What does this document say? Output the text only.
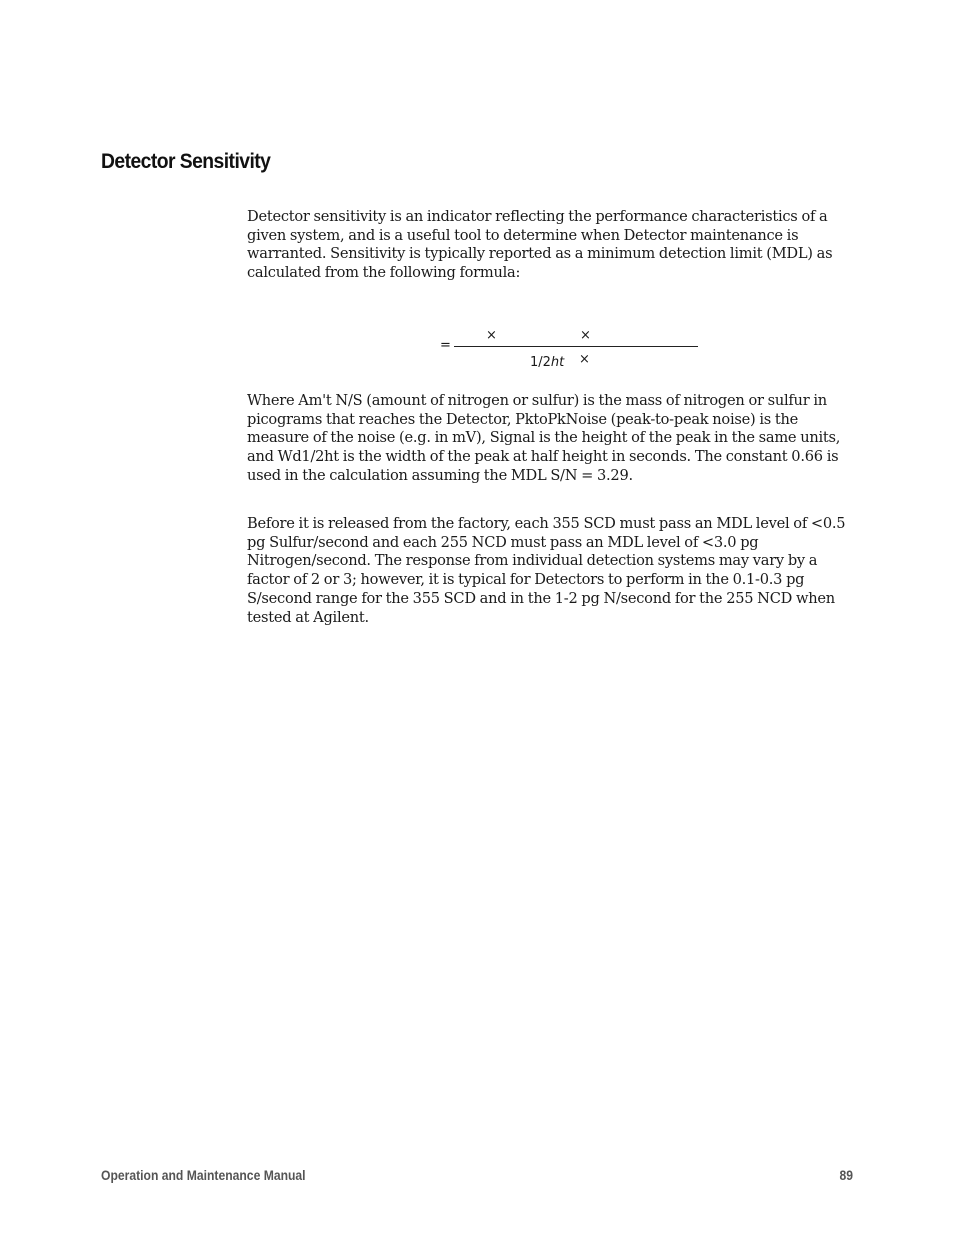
Detector Sensitivity

Detector sensitivity is an indicator reflecting the performance characteristics of a given system, and is a useful tool to determine when Detector maintenance is warranted. Sensitivity is typically reported as a minimum detection limit (MDL) as calculated from the following formula:

=
×	×
1/2ht ×

Where Am't N/S (amount of nitrogen or sulfur) is the mass of nitrogen or sulfur in picograms that reaches the Detector, PktoPkNoise (peak-to-peak noise) is the measure of the noise (e.g. in mV), Signal is the height of the peak in the same units, and Wd1/2ht is the width of the peak at half height in seconds. The constant 0.66 is used in the calculation assuming the MDL S/N = 3.29.

Before it is released from the factory, each 355 SCD must pass an MDL level of <0.5 pg Sulfur/second and each 255 NCD must pass an MDL level of <3.0 pg Nitrogen/second. The response from individual detection systems may vary by a factor of 2 or 3; however, it is typical for Detectors to perform in the 0.1-0.3 pg S/second range for the 355 SCD and in the 1-2 pg N/second for the 255 NCD when tested at Agilent.

Operation and Maintenance Manual	89
